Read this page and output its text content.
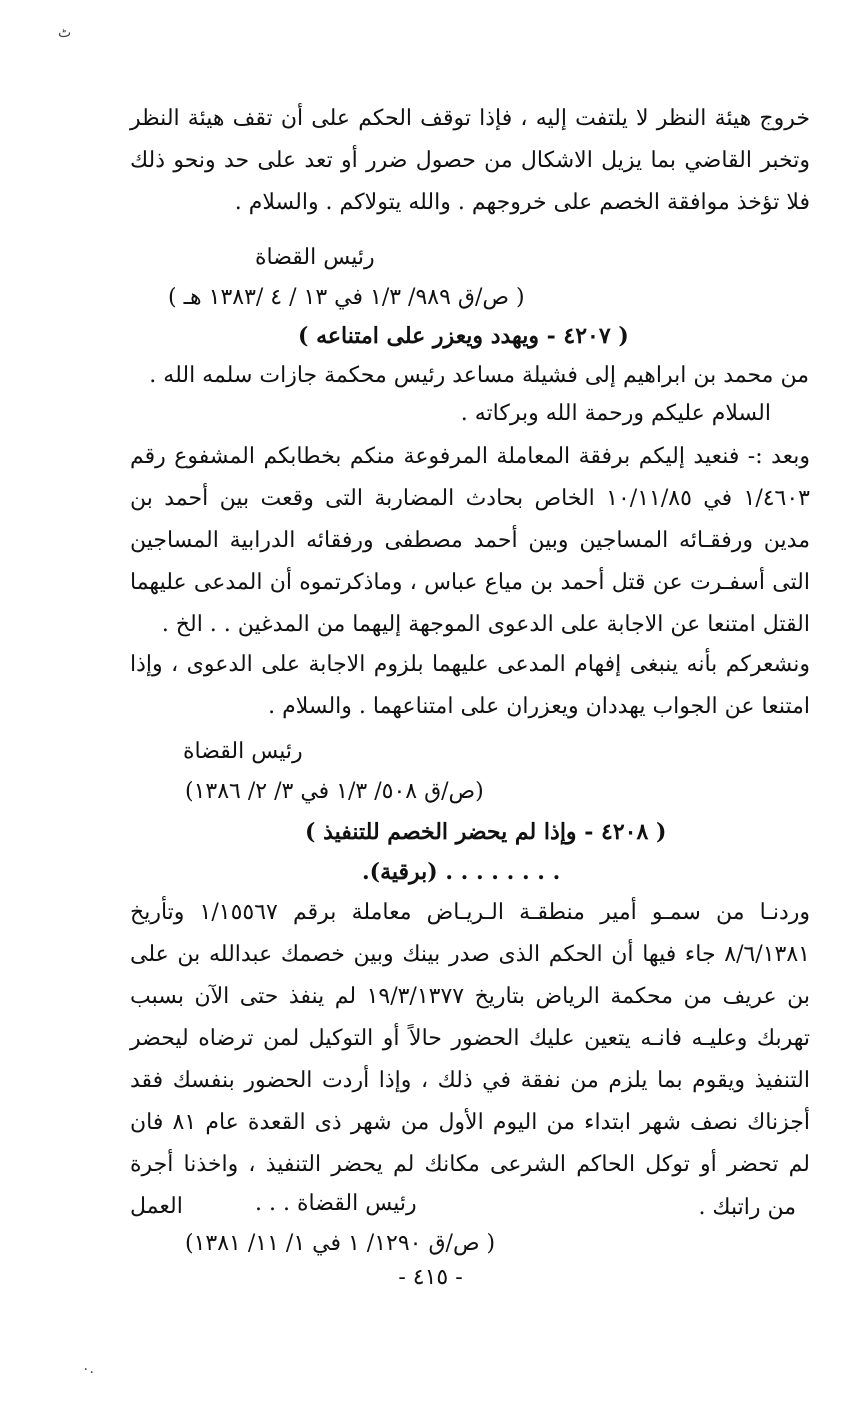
ٹ
٠.
خروج هيئة النظر لا يلتفت إليه ، فإذا توقف الحكم على أن تقف هيئة النظر وتخبر القاضي بما يزيل الاشكال من حصول ضرر أو تعد على حد ونحو ذلك فلا تؤخذ موافقة الخصم على خروجهم . والله يتولاكم . والسلام .
رئيس القضاة
( ص/ق ٩٨٩/ ١/٣ في ١٣ / ٤ /١٣٨٣ هـ )
( ٤٢٠٧ - ويهدد ويعزر على امتناعه )
من محمد بن ابراهيم إلى فشيلة مساعد رئيس محكمة جازات سلمه الله .
السلام عليكم ورحمة الله وبركاته .
وبعد :- فنعيد إليكم برفقة المعاملة المرفوعة منكم بخطابكم المشفوع رقم ١/٤٦٠٣ في ١٠/١١/٨٥ الخاص بحادث المضاربة التى وقعت بين أحمد بن مدين ورفقـائه المساجين وبين أحمد مصطفى ورفقائه الدرابية المساجين التى أسفـرت عن قتل أحمد بن مياع عباس ، وماذكرتموه أن المدعى عليهما القتل امتنعا عن الاجابة على الدعوى الموجهة إليهما من المدغين . . الخ .
ونشعركم بأنه ينبغى إفهام المدعى عليهما بلزوم الاجابة على الدعوى ، وإذا امتنعا عن الجواب يهددان ويعزران على امتناعهما . والسلام .
رئيس القضاة
(ص/ق ٥٠٨/ ١/٣ في ٣/ ٢/ ١٣٨٦)
( ٤٢٠٨ - وإذا لم يحضر الخصم للتنفيذ )
. . . . . . . . (برقية).
وردنـا من سمـو أمير منطقـة الـريـاض معاملة برقم ١/١٥٥٦٧ وتأريخ ٨/٦/١٣٨١ جاء فيها أن الحكم الذى صدر بينك وبين خصمك عبدالله بن على بن عريف من محكمة الرياض بتاريخ ١٩/٣/١٣٧٧ لم ينفذ حتى الآن بسبب تهربك وعليـه فانـه يتعين عليك الحضور حالاً أو التوكيل لمن ترضاه ليحضر التنفيذ ويقوم بما يلزم من نفقة في ذلك ، وإذا أردت الحضور بنفسك فقد أجزناك نصف شهر ابتداء من اليوم الأول من شهر ذى القعدة عام ٨١ فان لم تحضر أو توكل الحاكم الشرعى مكانك لم يحضر التنفيذ ، واخذنا أجرة العمل	من راتبك .
رئيس القضاة . . .
( ص/ق ١٢٩٠/ ١ في ١/ ١١/ ١٣٨١)
- ٤١٥ -
